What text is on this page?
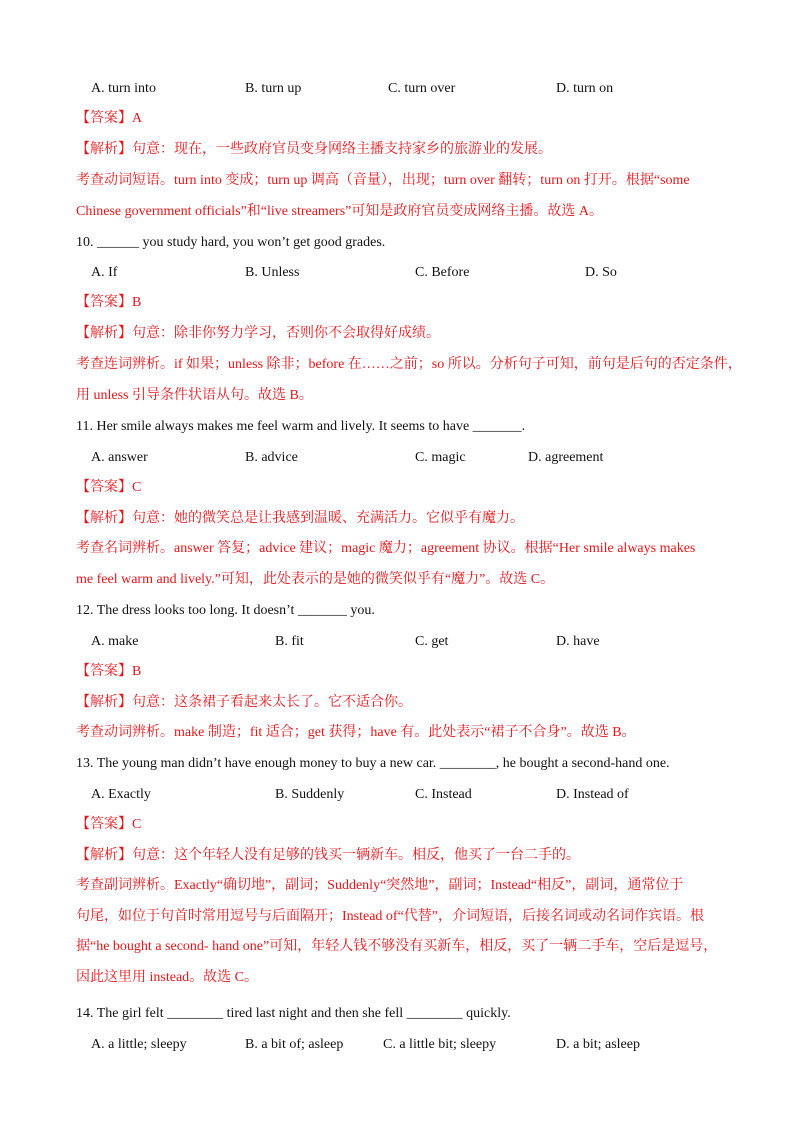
A. turn into	B. turn up	C. turn over	D. turn on
【答案】A
【解析】句意：现在，一些政府官员变身网络主播支持家乡的旅游业的发展。
考查动词短语。turn into 变成；turn up 调高（音量），出现；turn over 翻转；turn on 打开。根据“some
Chinese government officials”和“live streamers”可知是政府官员变成网络主播。故选 A。
10. ______ you study hard, you won’t get good grades.
A. If	B. Unless	C. Before	D. So
【答案】B
【解析】句意：除非你努力学习，否则你不会取得好成绩。
考查连词辨析。if 如果；unless 除非；before 在……之前；so 所以。分析句子可知，前句是后句的否定条件，
用 unless 引导条件状语从句。故选 B。
11. Her smile always makes me feel warm and lively. It seems to have _______.
A. answer	B. advice	C. magic	D. agreement
【答案】C
【解析】句意：她的微笑总是让我感到温暖、充满活力。它似乎有魔力。
考查名词辨析。answer 答复；advice 建议；magic 魔力；agreement 协议。根据“Her smile always makes
me feel warm and lively.”可知，此处表示的是她的微笑似乎有“魔力”。故选 C。
12. The dress looks too long. It doesn’t _______ you.
A. make	B. fit	C. get	D. have
【答案】B
【解析】句意：这条裙子看起来太长了。它不适合你。
考查动词辨析。make 制造；fit 适合；get 获得；have 有。此处表示“裙子不合身”。故选 B。
13. The young man didn’t have enough money to buy a new car. ________, he bought a second-hand one.
A. Exactly	B. Suddenly	C. Instead	D. Instead of
【答案】C
【解析】句意：这个年轻人没有足够的钱买一辆新车。相反，他买了一台二手的。
考查副词辨析。Exactly“确切地”，副词；Suddenly“突然地”，副词；Instead“相反”，副词，通常位于
句尾，如位于句首时常用逗号与后面隔开；Instead of“代替”，介词短语，后接名词或动名词作宾语。根
据“he bought a second- hand one”可知，年轻人钱不够没有买新车，相反，买了一辆二手车，空后是逗号，
因此这里用 instead。故选 C。
14. The girl felt ________ tired last night and then she fell ________ quickly.
A. a little; sleepy	B. a bit of; asleep	C. a little bit; sleepy	D. a bit; asleep
